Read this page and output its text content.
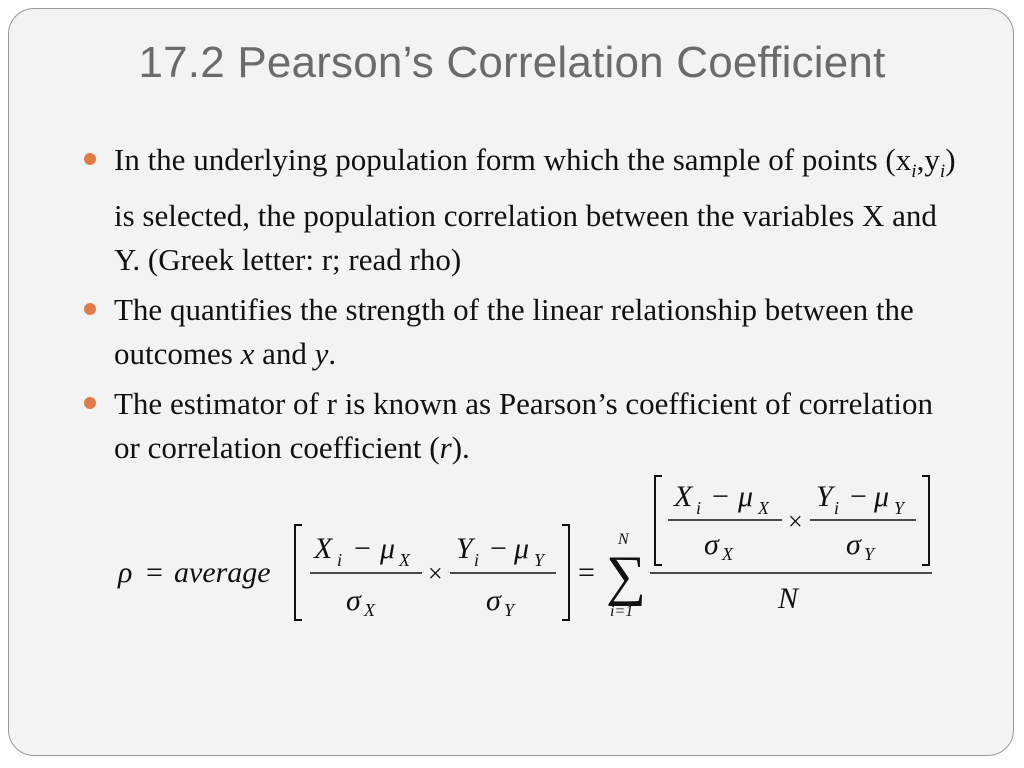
17.2 Pearson’s Correlation Coefficient
In the underlying population form which the sample of points $(x_i,y_i)$ is selected, the population correlation between the variables X and Y. (Greek letter: r; read rho)
The quantifies the strength of the linear relationship between the outcomes x and y.
The estimator of r is known as Pearson’s coefficient of correlation or correlation coefficient (r).
ρ = average
X i − μ X
σ X
×
Y i − μ Y
σ Y
=
N
∑
i=1
X i − μ X
σ X
×
Y i − μ Y
σ Y
N
